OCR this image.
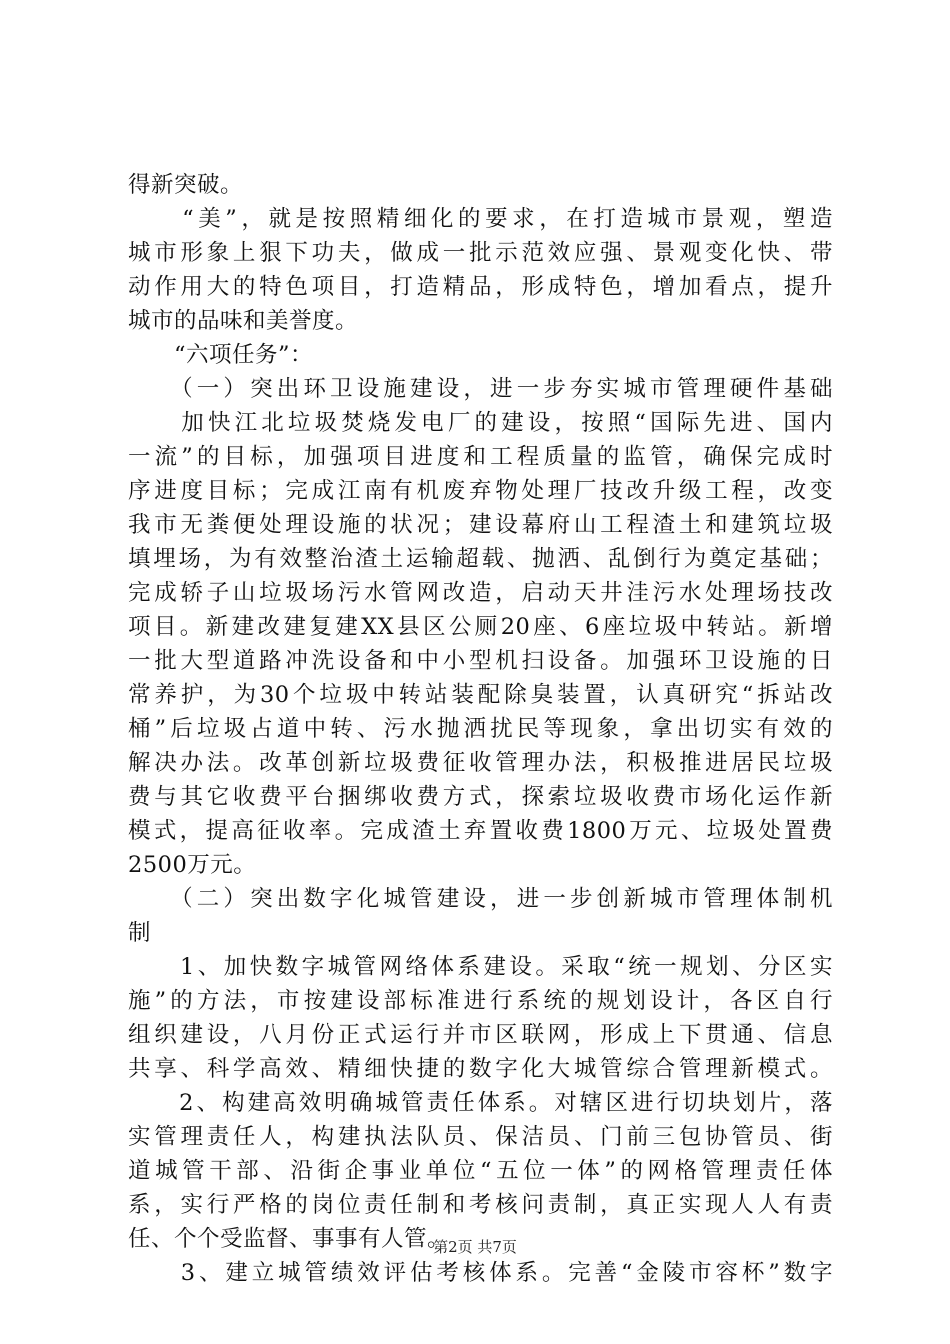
得新突破。
　　“美”，就是按照精细化的要求，在打造城市景观，塑造
城市形象上狠下功夫，做成一批示范效应强、景观变化快、带
动作用大的特色项目，打造精品，形成特色，增加看点，提升
城市的品味和美誉度。
　　“六项任务”：
　　（一）突出环卫设施建设，进一步夯实城市管理硬件基础
　　加快江北垃圾焚烧发电厂的建设，按照“国际先进、国内
一流”的目标，加强项目进度和工程质量的监管，确保完成时
序进度目标；完成江南有机废弃物处理厂技改升级工程，改变
我市无粪便处理设施的状况；建设幕府山工程渣土和建筑垃圾
填埋场，为有效整治渣土运输超载、抛洒、乱倒行为奠定基础；
完成轿子山垃圾场污水管网改造，启动天井洼污水处理场技改
项目。新建改建复建XX县区公厕20座、6座垃圾中转站。新增
一批大型道路冲洗设备和中小型机扫设备。加强环卫设施的日
常养护，为30个垃圾中转站装配除臭装置，认真研究“拆站改
桶”后垃圾占道中转、污水抛洒扰民等现象，拿出切实有效的
解决办法。改革创新垃圾费征收管理办法，积极推进居民垃圾
费与其它收费平台捆绑收费方式，探索垃圾收费市场化运作新
模式，提高征收率。完成渣土弃置收费1800万元、垃圾处置费
2500万元。
　　（二）突出数字化城管建设，进一步创新城市管理体制机
制
　　1、加快数字城管网络体系建设。采取“统一规划、分区实
施”的方法，市按建设部标准进行系统的规划设计，各区自行
组织建设，八月份正式运行并市区联网，形成上下贯通、信息
共享、科学高效、精细快捷的数字化大城管综合管理新模式。
　　2、构建高效明确城管责任体系。对辖区进行切块划片，落
实管理责任人，构建执法队员、保洁员、门前三包协管员、街
道城管干部、沿街企事业单位“五位一体”的网格管理责任体
系，实行严格的岗位责任制和考核问责制，真正实现人人有责
任、个个受监督、事事有人管。
　　3、建立城管绩效评估考核体系。完善“金陵市容杯”数字
第2页 共7页
